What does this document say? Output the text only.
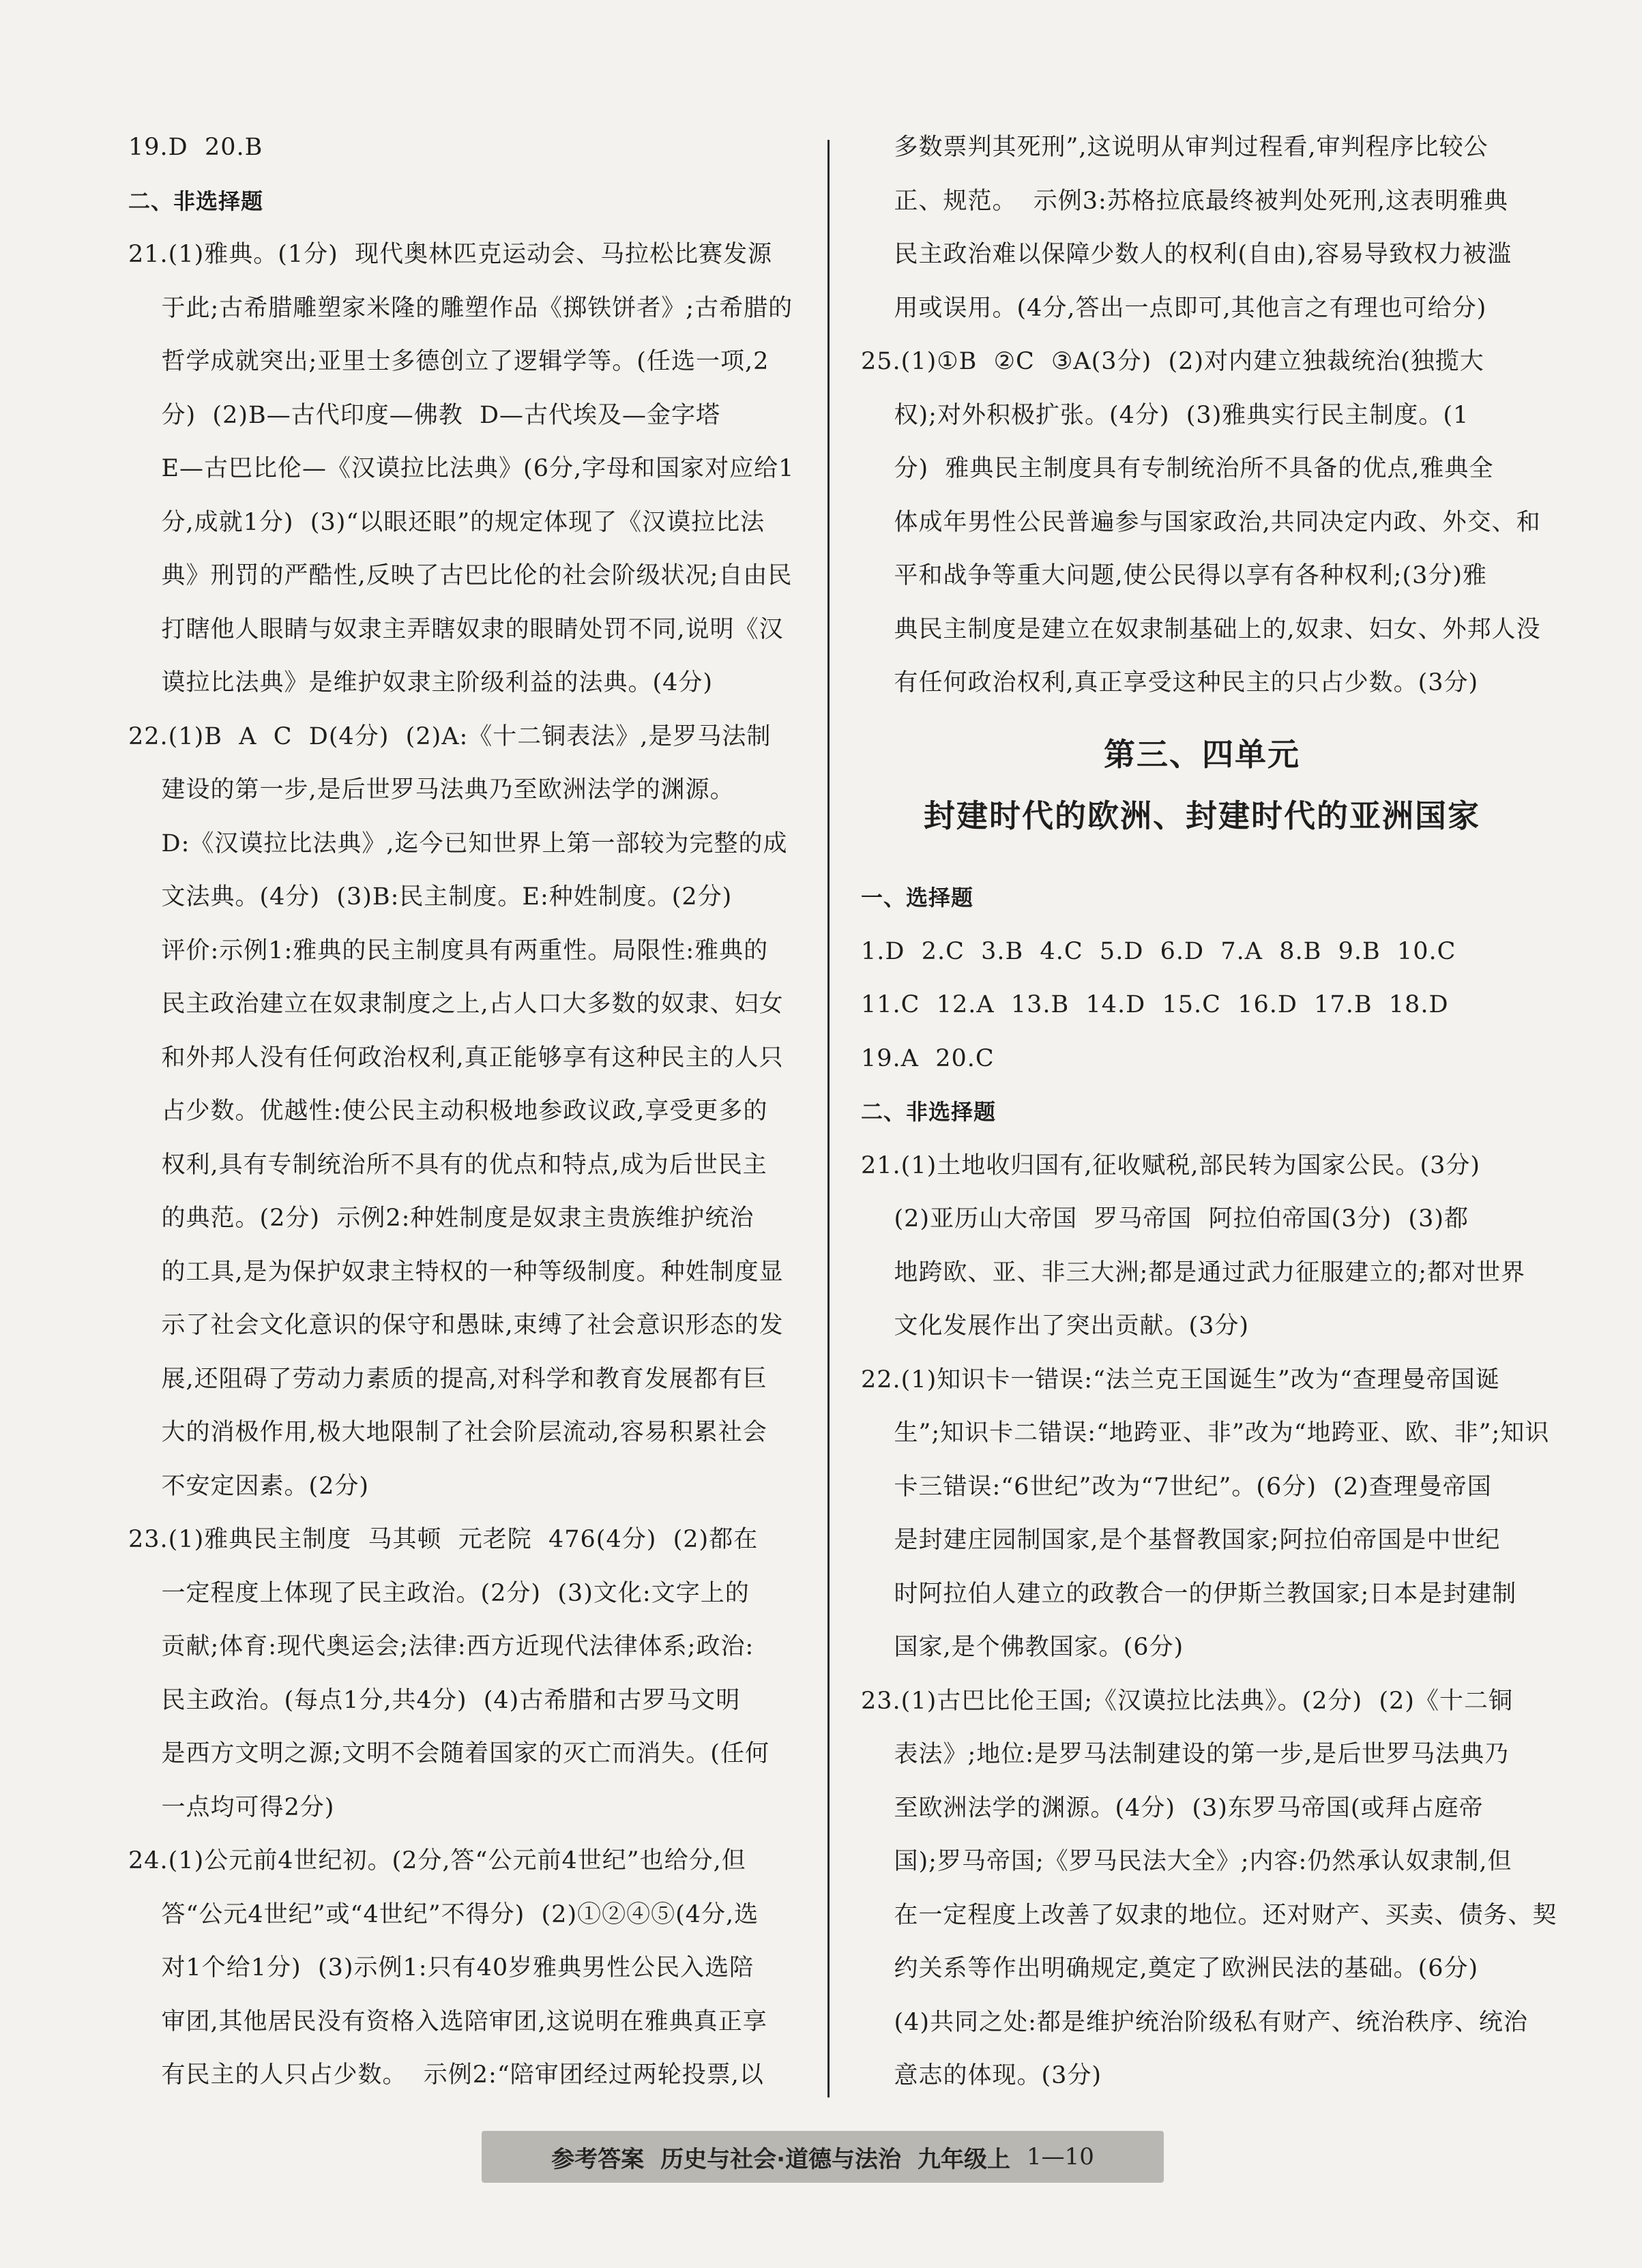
19.D  20.B
二、非选择题
21.(1)雅典。(1分)  现代奥林匹克运动会、马拉松比赛发源
于此;古希腊雕塑家米隆的雕塑作品《掷铁饼者》;古希腊的
哲学成就突出;亚里士多德创立了逻辑学等。(任选一项,2
分)  (2)B—古代印度—佛教  D—古代埃及—金字塔
E—古巴比伦—《汉谟拉比法典》(6分,字母和国家对应给1
分,成就1分)  (3)“以眼还眼”的规定体现了《汉谟拉比法
典》刑罚的严酷性,反映了古巴比伦的社会阶级状况;自由民
打瞎他人眼睛与奴隶主弄瞎奴隶的眼睛处罚不同,说明《汉
谟拉比法典》是维护奴隶主阶级利益的法典。(4分)
22.(1)B  A  C  D(4分)  (2)A:《十二铜表法》,是罗马法制
建设的第一步,是后世罗马法典乃至欧洲法学的渊源。
D:《汉谟拉比法典》,迄今已知世界上第一部较为完整的成
文法典。(4分)  (3)B:民主制度。E:种姓制度。(2分)
评价:示例1:雅典的民主制度具有两重性。局限性:雅典的
民主政治建立在奴隶制度之上,占人口大多数的奴隶、妇女
和外邦人没有任何政治权利,真正能够享有这种民主的人只
占少数。优越性:使公民主动积极地参政议政,享受更多的
权利,具有专制统治所不具有的优点和特点,成为后世民主
的典范。(2分)  示例2:种姓制度是奴隶主贵族维护统治
的工具,是为保护奴隶主特权的一种等级制度。种姓制度显
示了社会文化意识的保守和愚昧,束缚了社会意识形态的发
展,还阻碍了劳动力素质的提高,对科学和教育发展都有巨
大的消极作用,极大地限制了社会阶层流动,容易积累社会
不安定因素。(2分)
23.(1)雅典民主制度  马其顿  元老院  476(4分)  (2)都在
一定程度上体现了民主政治。(2分)  (3)文化:文字上的
贡献;体育:现代奥运会;法律:西方近现代法律体系;政治:
民主政治。(每点1分,共4分)  (4)古希腊和古罗马文明
是西方文明之源;文明不会随着国家的灭亡而消失。(任何
一点均可得2分)
24.(1)公元前4世纪初。(2分,答“公元前4世纪”也给分,但
答“公元4世纪”或“4世纪”不得分)  (2)①②④⑤(4分,选
对1个给1分)  (3)示例1:只有40岁雅典男性公民入选陪
审团,其他居民没有资格入选陪审团,这说明在雅典真正享
有民主的人只占少数。  示例2:“陪审团经过两轮投票,以
第三、四单元
封建时代的欧洲、封建时代的亚洲国家
多数票判其死刑”,这说明从审判过程看,审判程序比较公
正、规范。  示例3:苏格拉底最终被判处死刑,这表明雅典
民主政治难以保障少数人的权利(自由),容易导致权力被滥
用或误用。(4分,答出一点即可,其他言之有理也可给分)
25.(1)①B  ②C  ③A(3分)  (2)对内建立独裁统治(独揽大
权);对外积极扩张。(4分)  (3)雅典实行民主制度。(1
分)  雅典民主制度具有专制统治所不具备的优点,雅典全
体成年男性公民普遍参与国家政治,共同决定内政、外交、和
平和战争等重大问题,使公民得以享有各种权利;(3分)雅
典民主制度是建立在奴隶制基础上的,奴隶、妇女、外邦人没
有任何政治权利,真正享受这种民主的只占少数。(3分)
一、选择题
1.D  2.C  3.B  4.C  5.D  6.D  7.A  8.B  9.B  10.C
11.C  12.A  13.B  14.D  15.C  16.D  17.B  18.D
19.A  20.C
二、非选择题
21.(1)土地收归国有,征收赋税,部民转为国家公民。(3分)
(2)亚历山大帝国  罗马帝国  阿拉伯帝国(3分)  (3)都
地跨欧、亚、非三大洲;都是通过武力征服建立的;都对世界
文化发展作出了突出贡献。(3分)
22.(1)知识卡一错误:“法兰克王国诞生”改为“查理曼帝国诞
生”;知识卡二错误:“地跨亚、非”改为“地跨亚、欧、非”;知识
卡三错误:“6世纪”改为“7世纪”。(6分)  (2)查理曼帝国
是封建庄园制国家,是个基督教国家;阿拉伯帝国是中世纪
时阿拉伯人建立的政教合一的伊斯兰教国家;日本是封建制
国家,是个佛教国家。(6分)
23.(1)古巴比伦王国;《汉谟拉比法典》。(2分)  (2)《十二铜
表法》;地位:是罗马法制建设的第一步,是后世罗马法典乃
至欧洲法学的渊源。(4分)  (3)东罗马帝国(或拜占庭帝
国);罗马帝国;《罗马民法大全》;内容:仍然承认奴隶制,但
在一定程度上改善了奴隶的地位。还对财产、买卖、债务、契
约关系等作出明确规定,奠定了欧洲民法的基础。(6分)
(4)共同之处:都是维护统治阶级私有财产、统治秩序、统治
意志的体现。(3分)
参考答案 历史与社会·道德与法治 九年级上 1—10
